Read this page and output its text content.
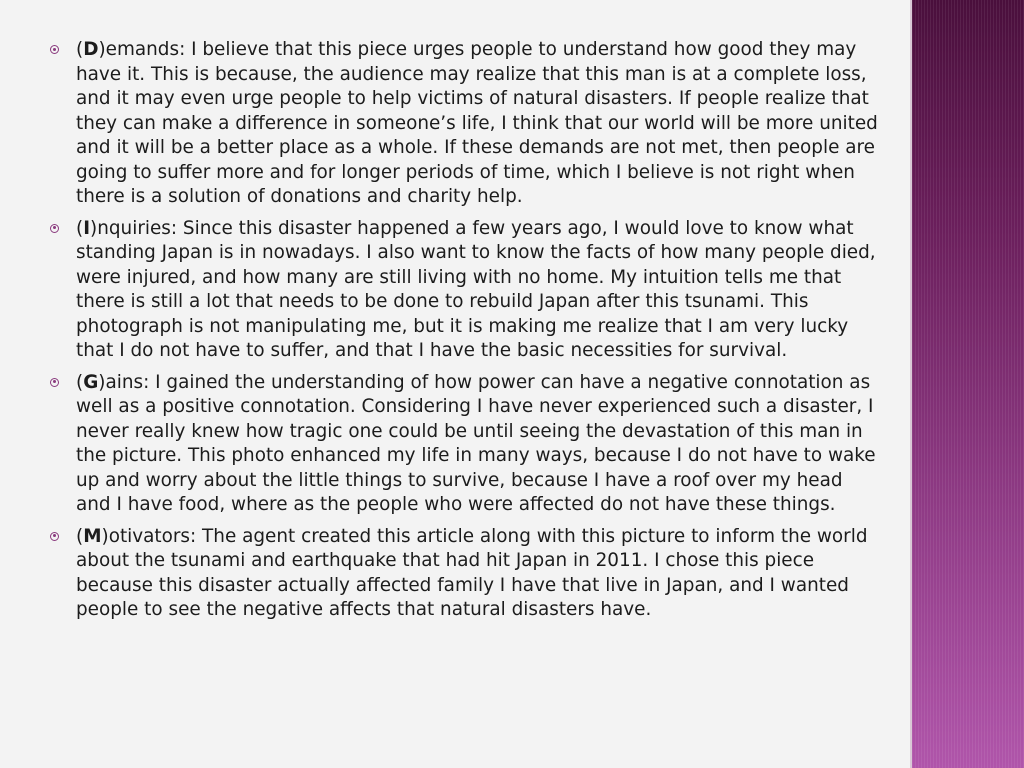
(D)emands: I believe that this piece urges people to understand how good they may have it. This is because, the audience may realize that this man is at a complete loss, and it may even urge people to help victims of natural disasters. If people realize that they can make a difference in someone’s life, I think that our world will be more united and it will be a better place as a whole. If these demands are not met, then people are going to suffer more and for longer periods of time, which I believe is not right when there is a solution of donations and charity help.
(I)nquiries: Since this disaster happened a few years ago, I would love to know what standing Japan is in nowadays. I also want to know the facts of how many people died, were injured, and how many are still living with no home. My intuition tells me that there is still a lot that needs to be done to rebuild Japan after this tsunami. This photograph is not manipulating me, but it is making me realize that I am very lucky that I do not have to suffer, and that I have the basic necessities for survival.
(G)ains: I gained the understanding of how power can have a negative connotation as well as a positive connotation. Considering I have never experienced such a disaster, I never really knew how tragic one could be until seeing the devastation of this man in the picture. This photo enhanced my life in many ways, because I do not have to wake up and worry about the little things to survive, because I have a roof over my head and I have food, where as the people who were affected do not have these things.
(M)otivators: The agent created this article along with this picture to inform the world about the tsunami and earthquake that had hit Japan in 2011. I chose this piece because this disaster actually affected family I have that live in Japan, and I wanted people to see the negative affects that natural disasters have.
